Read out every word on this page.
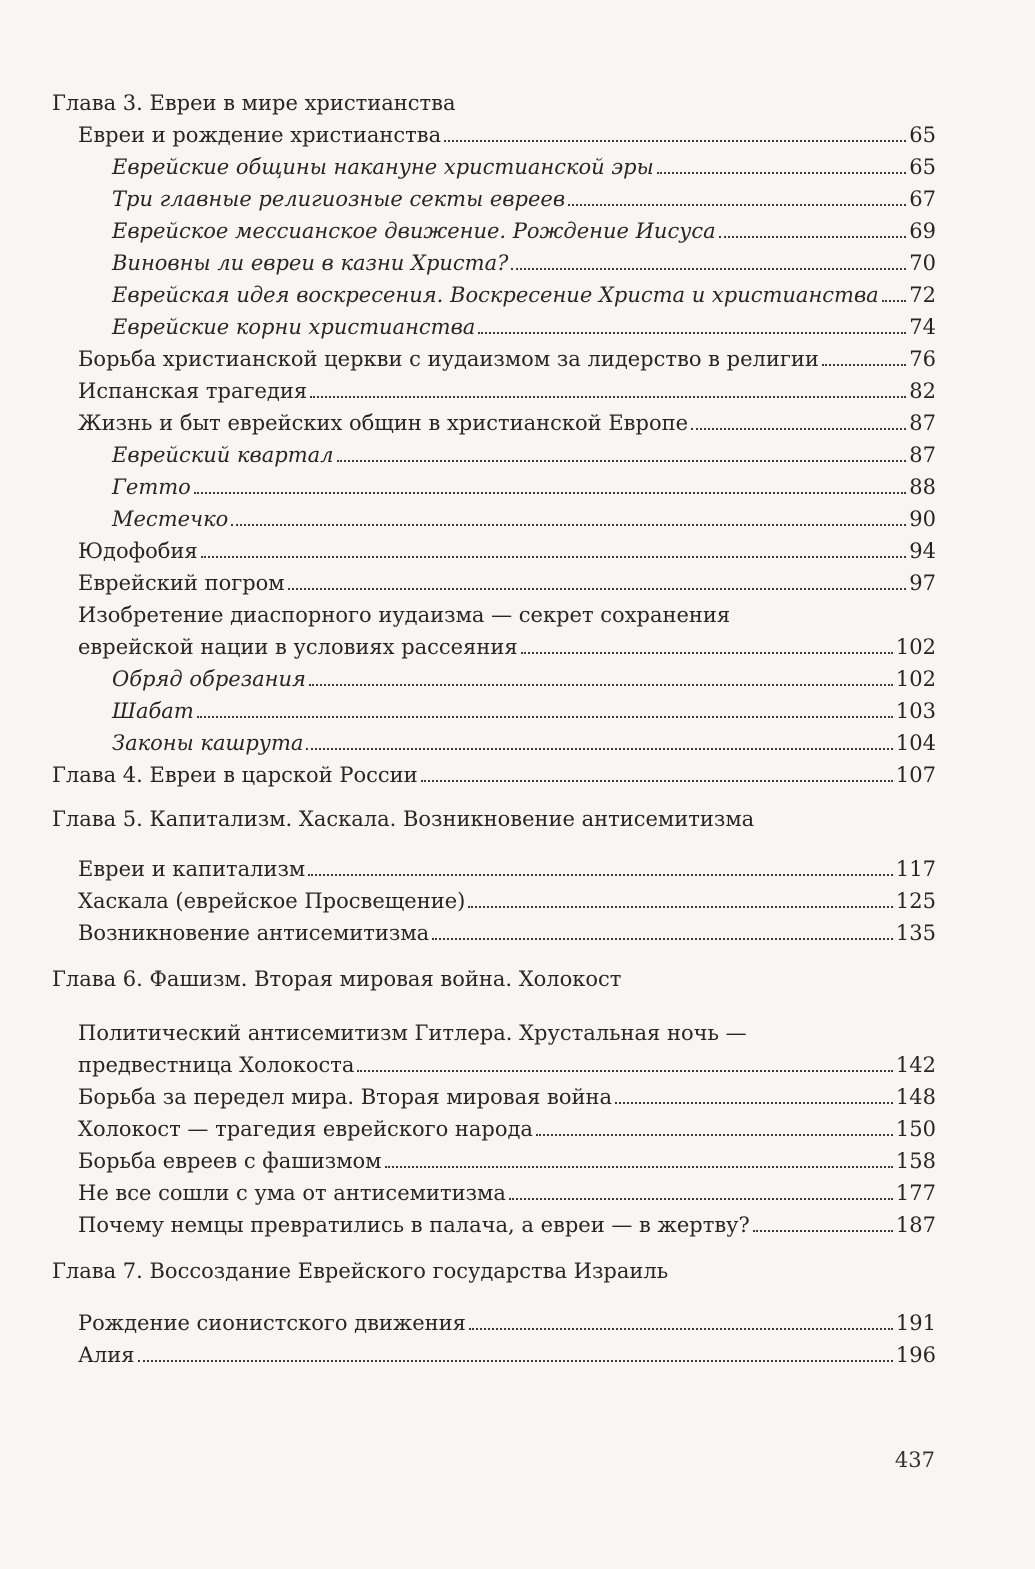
Глава 3. Евреи в мире христианства
Евреи и рождение христианства	65
Еврейские общины накануне христианской эры	65
Три главные религиозные секты евреев	67
Еврейское мессианское движение. Рождение Иисуса	69
Виновны ли евреи в казни Христа?	70
Еврейская идея воскресения. Воскресение Христа и христианства 72
Еврейские корни христианства	74
Борьба христианской церкви с иудаизмом за лидерство в религии	76
Испанская трагедия	82
Жизнь и быт еврейских общин в христианской Европе	87
Еврейский квартал	87
Гетто	88
Местечко	90
Юдофобия	94
Еврейский погром	97
Изобретение диаспорного иудаизма — секрет сохранения
еврейской нации в условиях рассеяния	102
Обряд обрезания	102
Шабат	103
Законы кашрута	104
Глава 4. Евреи в царской России	107
Глава 5. Капитализм. Хаскала. Возникновение антисемитизма
Евреи и капитализм	117
Хаскала (еврейское Просвещение)	125
Возникновение антисемитизма	135
Глава 6. Фашизм. Вторая мировая война. Холокост
Политический антисемитизм Гитлера. Хрустальная ночь —
предвестница Холокоста	142
Борьба за передел мира. Вторая мировая война	148
Холокост — трагедия еврейского народа	150
Борьба евреев с фашизмом	158
Не все сошли с ума от антисемитизма	177
Почему немцы превратились в палача, а евреи — в жертву?	187
Глава 7. Воссоздание Еврейского государства Израиль
Рождение сионистского движения	191
Алия	196
437
